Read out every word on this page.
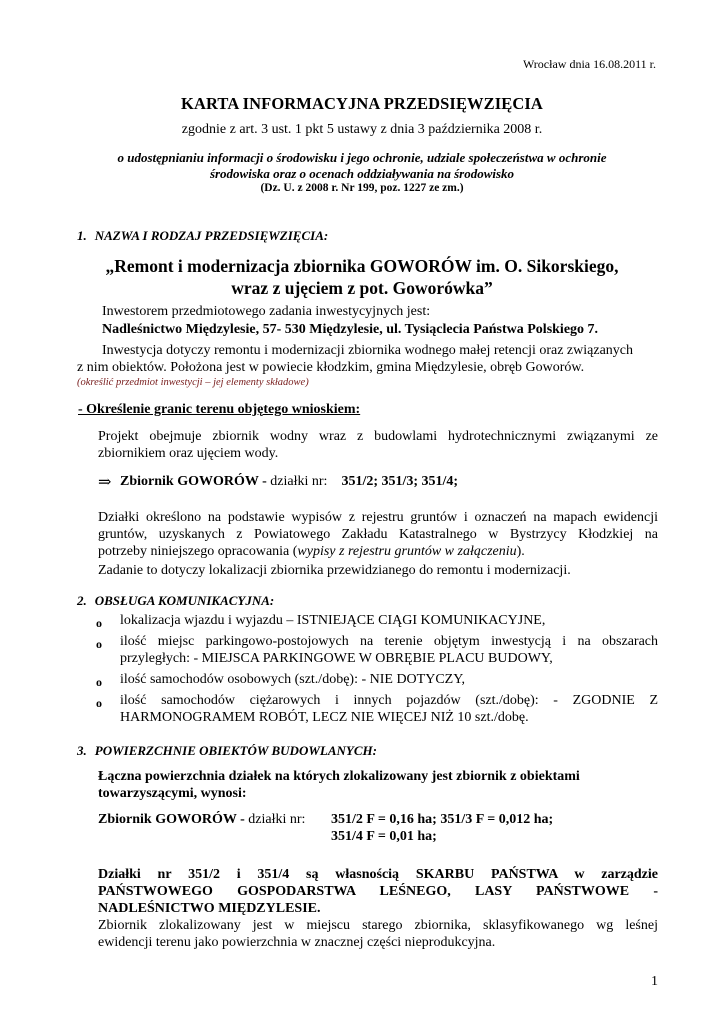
Wrocław dnia 16.08.2011 r.
KARTA INFORMACYJNA PRZEDSIĘWZIĘCIA
zgodnie z art. 3 ust. 1 pkt 5 ustawy z dnia 3 października 2008 r.
o udostępnianiu informacji o środowisku i jego ochronie, udziale społeczeństwa w ochronie
środowiska oraz o ocenach oddziaływania na środowisko
(Dz. U. z 2008 r. Nr 199, poz. 1227 ze zm.)
1. NAZWA I RODZAJ PRZEDSIĘWZIĘCIA:
„Remont i modernizacja zbiornika GOWORÓW im. O. Sikorskiego,
wraz z ujęciem z pot. Goworówka”
Inwestorem przedmiotowego zadania inwestycyjnych jest:
Nadleśnictwo Międzylesie, 57- 530 Międzylesie, ul. Tysiąclecia Państwa Polskiego 7.
Inwestycja dotyczy remontu i modernizacji zbiornika wodnego małej retencji oraz związanych
z nim obiektów. Położona jest w powiecie kłodzkim, gmina Międzylesie, obręb Goworów.
(określić przedmiot inwestycji – jej elementy składowe)
- Określenie granic terenu objętego wnioskiem:
Projekt obejmuje zbiornik wodny wraz z budowlami hydrotechnicznymi związanymi ze
zbiornikiem oraz ujęciem wody.
⇒ Zbiornik GOWORÓW - działki nr: 351/2; 351/3; 351/4;
Działki określono na podstawie wypisów z rejestru gruntów i oznaczeń na mapach ewidencji
gruntów, uzyskanych z Powiatowego Zakładu Katastralnego w Bystrzycy Kłodzkiej na
potrzeby niniejszego opracowania (wypisy z rejestru gruntów w załączeniu).
Zadanie to dotyczy lokalizacji zbiornika przewidzianego do remontu i modernizacji.
2. OBSŁUGA KOMUNIKACYJNA:
o lokalizacja wjazdu i wyjazdu – ISTNIEJĄCE CIĄGI KOMUNIKACYJNE,
o ilość miejsc parkingowo-postojowych na terenie objętym inwestycją i na obszarach
przyległych: - MIEJSCA PARKINGOWE W OBRĘBIE PLACU BUDOWY,
o ilość samochodów osobowych (szt./dobę): - NIE DOTYCZY,
o ilość samochodów ciężarowych i innych pojazdów (szt./dobę): - ZGODNIE Z
HARMONOGRAMEM ROBÓT, LECZ NIE WIĘCEJ NIŻ 10 szt./dobę.
3. POWIERZCHNIE OBIEKTÓW BUDOWLANYCH:
Łączna powierzchnia działek na których zlokalizowany jest zbiornik z obiektami
towarzyszącymi, wynosi:
Zbiornik GOWORÓW - działki nr: 351/2 F = 0,16 ha; 351/3 F = 0,012 ha;
351/4 F = 0,01 ha;
Działki nr 351/2 i 351/4 są własnością SKARBU PAŃSTWA w zarządzie
PAŃSTWOWEGO GOSPODARSTWA LEŚNEGO, LASY PAŃSTWOWE -
NADLEŚNICTWO MIĘDZYLESIE.
Zbiornik zlokalizowany jest w miejscu starego zbiornika, sklasyfikowanego wg leśnej
ewidencji terenu jako powierzchnia w znacznej części nieprodukcyjna.
1
